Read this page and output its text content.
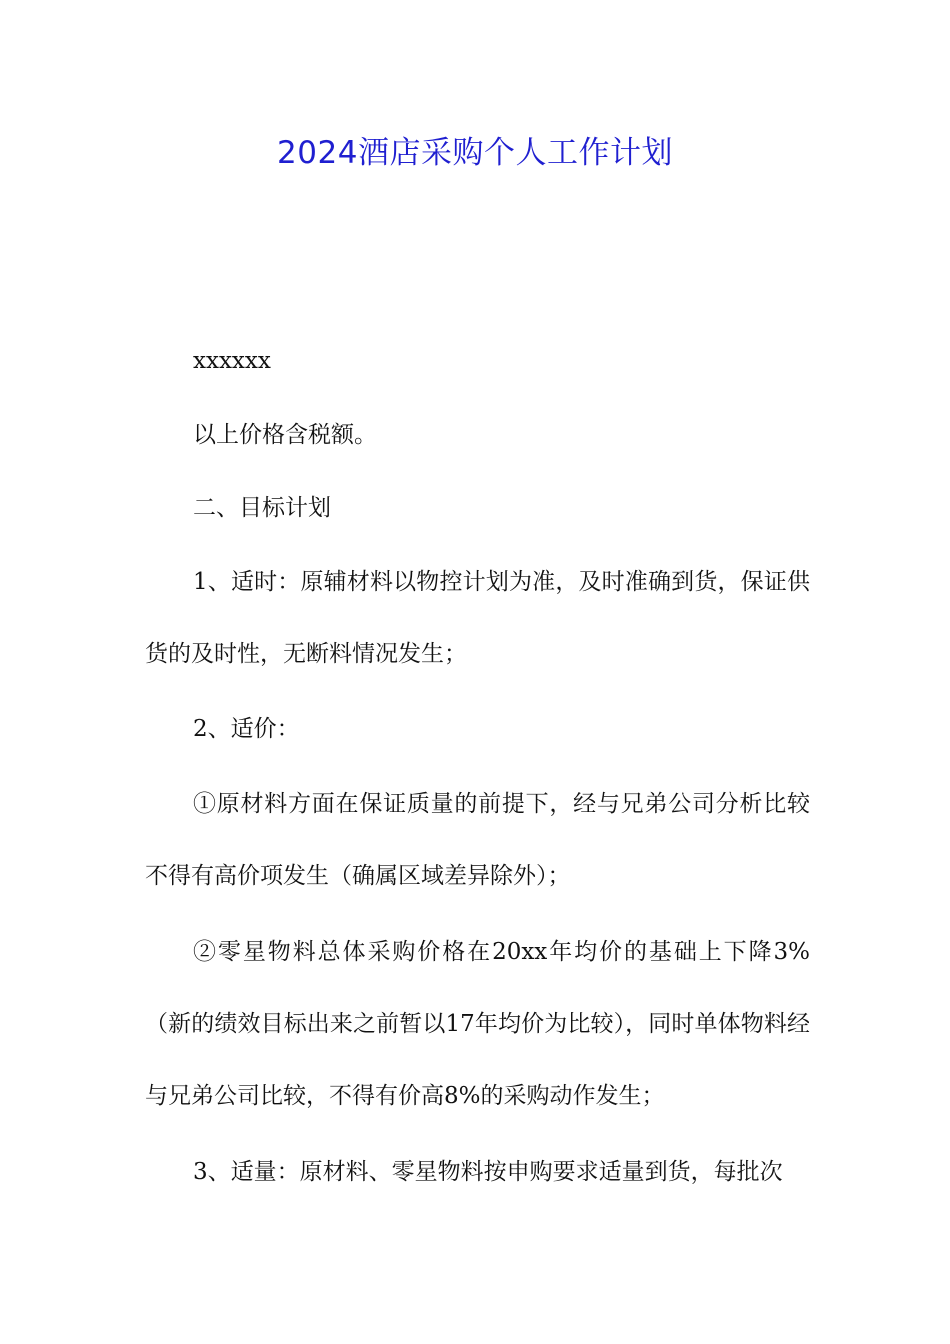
2024酒店采购个人工作计划

xxxxxx

以上价格含税额。

二、目标计划

1、适时：原辅材料以物控计划为准，及时准确到货，保证供货的及时性，无断料情况发生；

2、适价：

①原材料方面在保证质量的前提下，经与兄弟公司分析比较不得有高价项发生（确属区域差异除外）；

②零星物料总体采购价格在20xx年均价的基础上下降3%（新的绩效目标出来之前暂以17年均价为比较），同时单体物料经与兄弟公司比较，不得有价高8%的采购动作发生；

3、适量：原材料、零星物料按申购要求适量到货，每批次
